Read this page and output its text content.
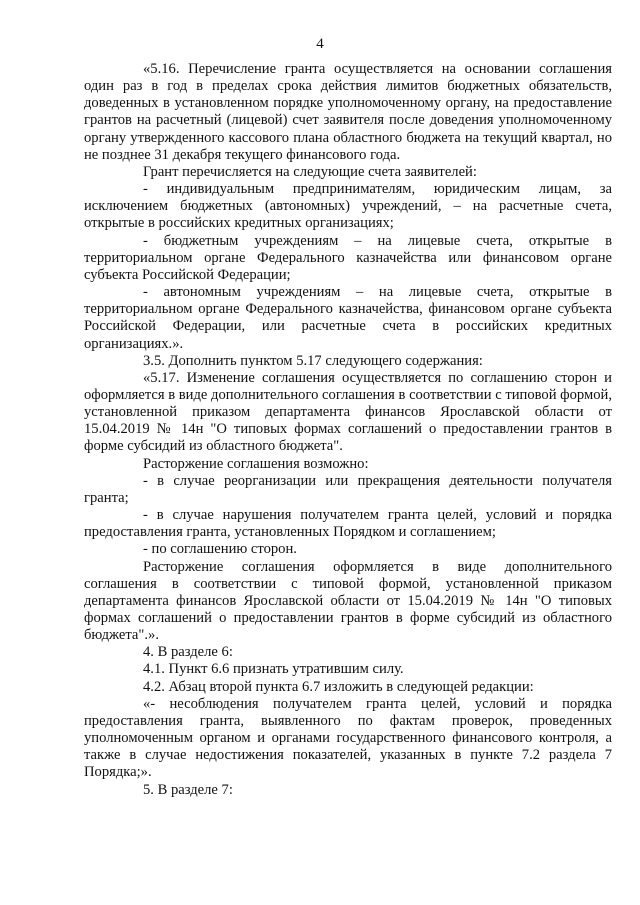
4

«5.16. Перечисление гранта осуществляется на основании соглашения один раз в год в пределах срока действия лимитов бюджетных обязательств, доведенных в установленном порядке уполномоченному органу, на предоставление грантов на расчетный (лицевой) счет заявителя после доведения уполномоченному органу утвержденного кассового плана областного бюджета на текущий квартал, но не позднее 31 декабря текущего финансового года.

Грант перечисляется на следующие счета заявителей:

- индивидуальным предпринимателям, юридическим лицам, за исключением бюджетных (автономных) учреждений, – на расчетные счета, открытые в российских кредитных организациях;

- бюджетным учреждениям – на лицевые счета, открытые в территориальном органе Федерального казначейства или финансовом органе субъекта Российской Федерации;

- автономным учреждениям – на лицевые счета, открытые в территориальном органе Федерального казначейства, финансовом органе субъекта Российской Федерации, или расчетные счета в российских кредитных организациях.».

3.5. Дополнить пунктом 5.17 следующего содержания:

«5.17. Изменение соглашения осуществляется по соглашению сторон и оформляется в виде дополнительного соглашения в соответствии с типовой формой, установленной приказом департамента финансов Ярославской области от 15.04.2019 № 14н "О типовых формах соглашений о предоставлении грантов в форме субсидий из областного бюджета".

Расторжение соглашения возможно:

- в случае реорганизации или прекращения деятельности получателя гранта;

- в случае нарушения получателем гранта целей, условий и порядка предоставления гранта, установленных Порядком и соглашением;

- по соглашению сторон.

Расторжение соглашения оформляется в виде дополнительного соглашения в соответствии с типовой формой, установленной приказом департамента финансов Ярославской области от 15.04.2019 № 14н "О типовых формах соглашений о предоставлении грантов в форме субсидий из областного бюджета".».

4. В разделе 6:

4.1. Пункт 6.6 признать утратившим силу.

4.2. Абзац второй пункта 6.7 изложить в следующей редакции:

«- несоблюдения получателем гранта целей, условий и порядка предоставления гранта, выявленного по фактам проверок, проведенных уполномоченным органом и органами государственного финансового контроля, а также в случае недостижения показателей, указанных в пункте 7.2 раздела 7 Порядка;».

5. В разделе 7:
